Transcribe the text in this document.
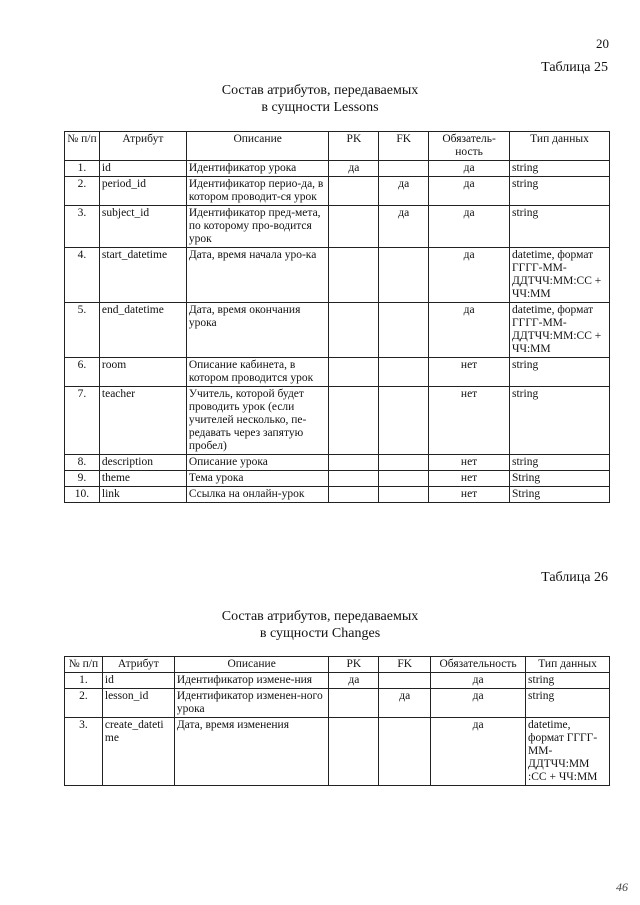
20
Таблица 25
Состав атрибутов, передаваемых
в сущности Lessons
№ п/п	Атрибут	Описание	PK	FK	Обязатель-ность	Тип данных
1.	id	Идентификатор урока	да		да	string
2.	period_id	Идентификатор перио-да, в котором проводит-ся урок		да	да	string
3.	subject_id	Идентификатор пред-мета, по которому про-водится урок		да	да	string
4.	start_datetime	Дата, время начала уро-ка			да	datetime, формат ГГГГ-ММ-ДДТЧЧ:ММ:СС + ЧЧ:ММ
5.	end_datetime	Дата, время окончания урока			да	datetime, формат ГГГГ-ММ-ДДТЧЧ:ММ:СС + ЧЧ:ММ
6.	room	Описание кабинета, в котором проводится урок			нет	string
7.	teacher	Учитель, которой будет проводить урок (если учителей несколько, пе-редавать через запятую пробел)			нет	string
8.	description	Описание урока			нет	string
9.	theme	Тема урока			нет	String
10.	link	Ссылка на онлайн-урок			нет	String
Таблица 26
Состав атрибутов, передаваемых
в сущности Changes
№ п/п	Атрибут	Описание	PK	FK	Обязательность	Тип данных
1.	id	Идентификатор измене-ния	да		да	string
2.	lesson_id	Идентификатор изменен-ного урока		да	да	string
3.	create_dateti me	Дата, время изменения			да	datetime, формат ГГГГ-ММ-ДДТЧЧ:ММ :СС + ЧЧ:ММ
46
